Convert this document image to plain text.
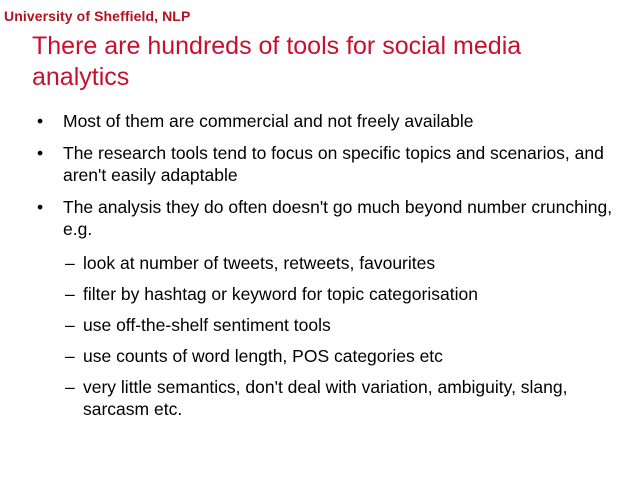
University of Sheffield, NLP
There are hundreds of tools for social media analytics
• Most of them are commercial and not freely available
• The research tools tend to focus on specific topics and scenarios, and aren't easily adaptable
• The analysis they do often doesn't go much beyond number crunching, e.g.
– look at number of tweets, retweets, favourites
– filter by hashtag or keyword for topic categorisation
– use off-the-shelf sentiment tools
– use counts of word length, POS categories etc
– very little semantics, don't deal with variation, ambiguity, slang, sarcasm etc.
